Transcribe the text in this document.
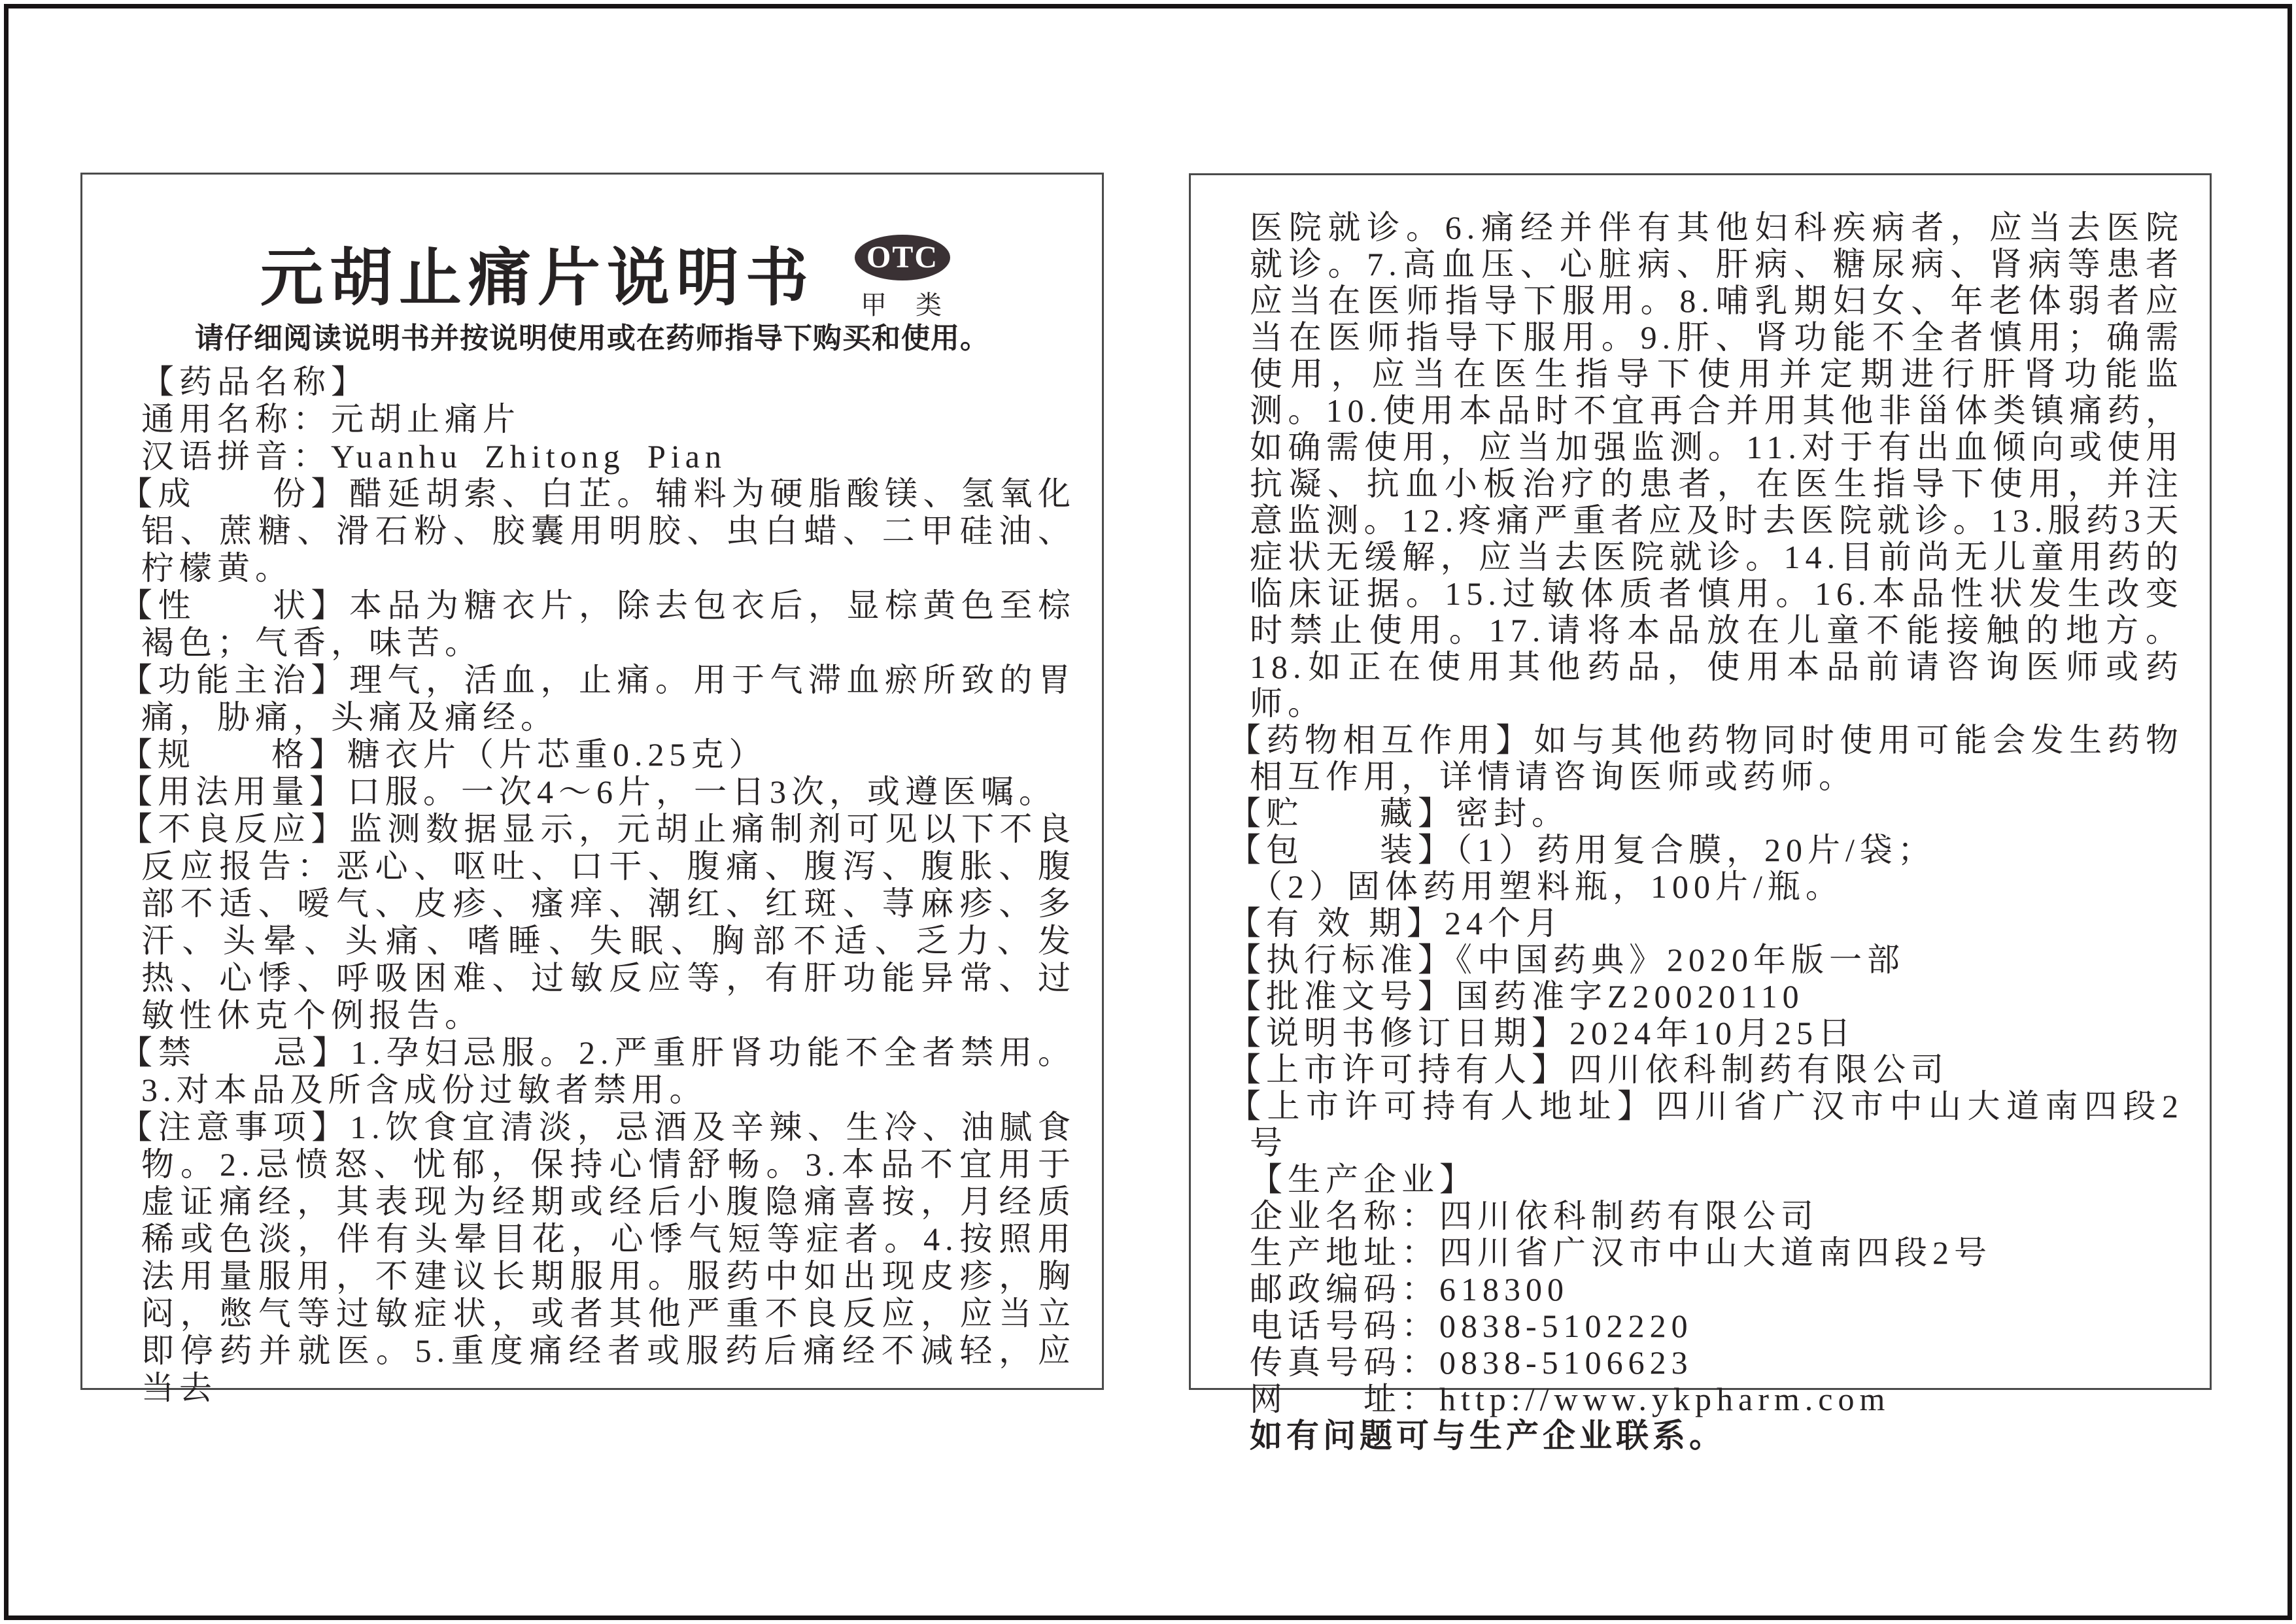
元胡止痛片说明书	OTC
甲 类
请仔细阅读说明书并按说明使用或在药师指导下购买和使用。

【药品名称】

通用名称：元胡止痛片

汉语拼音：Yuanhu Zhitong Pian

【成　　份】醋延胡索、白芷。辅料为硬脂酸镁、氢氧化铝、蔗糖、滑石粉、胶囊用明胶、虫白蜡、二甲硅油、柠檬黄。

【性　　状】本品为糖衣片，除去包衣后，显棕黄色至棕褐色；气香，味苦。

【功能主治】理气，活血，止痛。用于气滞血瘀所致的胃痛，胁痛，头痛及痛经。

【规　　格】糖衣片（片芯重0.25克）

【用法用量】口服。一次4～6片，一日3次，或遵医嘱。

【不良反应】监测数据显示，元胡止痛制剂可见以下不良反应报告：恶心、呕吐、口干、腹痛、腹泻、腹胀、腹部不适、嗳气、皮疹、瘙痒、潮红、红斑、荨麻疹、多汗、头晕、头痛、嗜睡、失眠、胸部不适、乏力、发热、心悸、呼吸困难、过敏反应等，有肝功能异常、过敏性休克个例报告。

【禁　　忌】1.孕妇忌服。2.严重肝肾功能不全者禁用。3.对本品及所含成份过敏者禁用。

【注意事项】1.饮食宜清淡，忌酒及辛辣、生冷、油腻食物。2.忌愤怒、忧郁，保持心情舒畅。3.本品不宜用于虚证痛经，其表现为经期或经后小腹隐痛喜按，月经质稀或色淡，伴有头晕目花，心悸气短等症者。4.按照用法用量服用，不建议长期服用。服药中如出现皮疹，胸闷，憋气等过敏症状，或者其他严重不良反应，应当立即停药并就医。5.重度痛经者或服药后痛经不减轻，应当去

医院就诊。6.痛经并伴有其他妇科疾病者，应当去医院就诊。7.高血压、心脏病、肝病、糖尿病、肾病等患者应当在医师指导下服用。8.哺乳期妇女、年老体弱者应当在医师指导下服用。9.肝、肾功能不全者慎用；确需使用，应当在医生指导下使用并定期进行肝肾功能监测。10.使用本品时不宜再合并用其他非甾体类镇痛药，如确需使用，应当加强监测。11.对于有出血倾向或使用抗凝、抗血小板治疗的患者，在医生指导下使用，并注意监测。12.疼痛严重者应及时去医院就诊。13.服药3天症状无缓解，应当去医院就诊。14.目前尚无儿童用药的临床证据。15.过敏体质者慎用。16.本品性状发生改变时禁止使用。17.请将本品放在儿童不能接触的地方。18.如正在使用其他药品，使用本品前请咨询医师或药师。

【药物相互作用】如与其他药物同时使用可能会发生药物相互作用，详情请咨询医师或药师。

【贮　　藏】密封。

【包　　装】（1）药用复合膜，20片/袋；

（2）固体药用塑料瓶，100片/瓶。

【有 效 期】24个月

【执行标准】《中国药典》2020年版一部

【批准文号】国药准字Z20020110

【说明书修订日期】2024年10月25日

【上市许可持有人】四川依科制药有限公司

【上市许可持有人地址】四川省广汉市中山大道南四段2号

【生产企业】

企业名称：四川依科制药有限公司

生产地址：四川省广汉市中山大道南四段2号

邮政编码：618300

电话号码：0838-5102220

传真号码：0838-5106623

网　　址：http://www.ykpharm.com

如有问题可与生产企业联系。
